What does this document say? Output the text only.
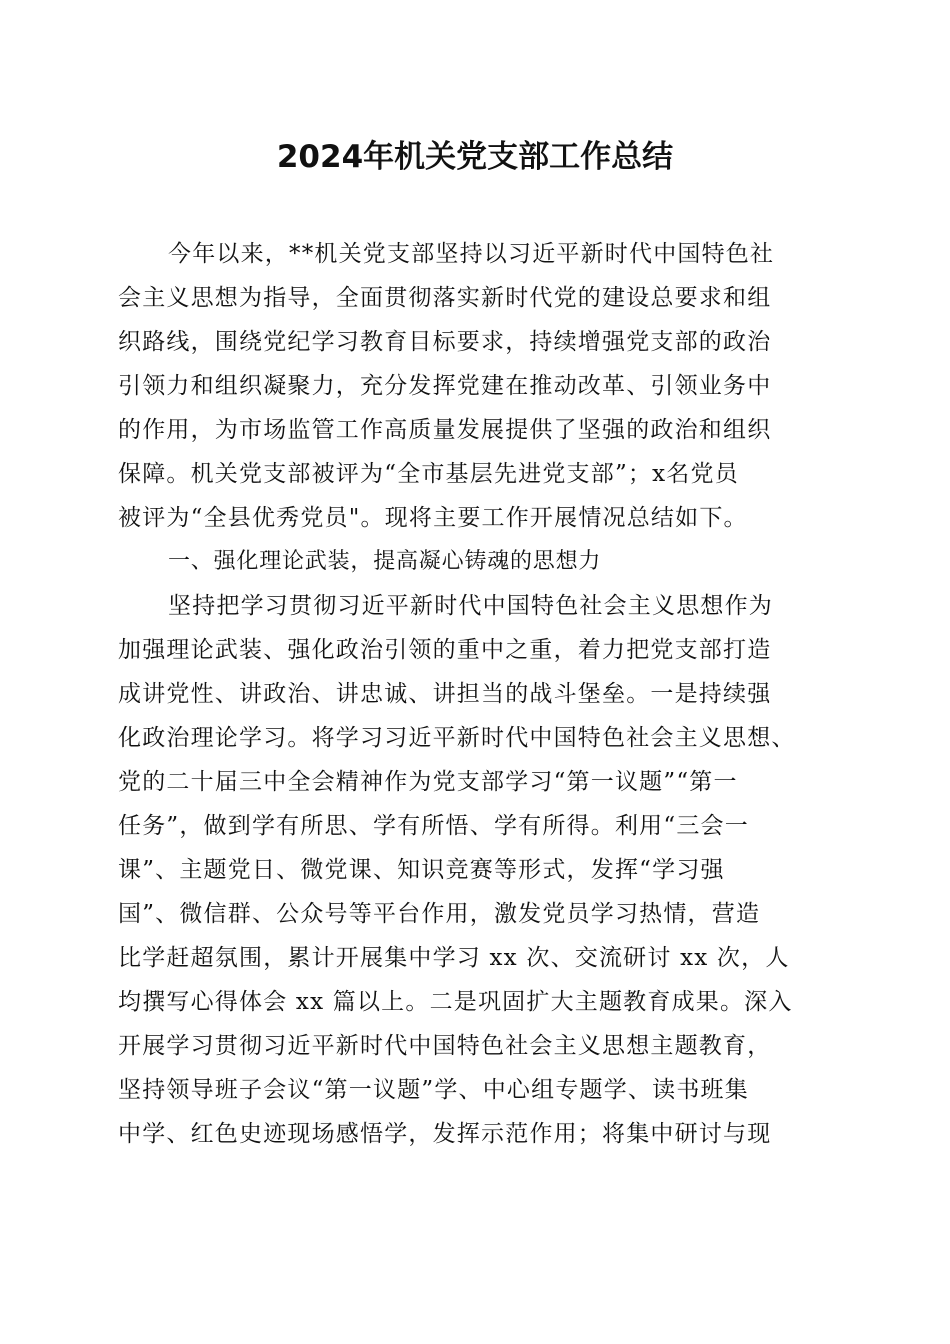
2024年机关党支部工作总结
今年以来，**机关党支部坚持以习近平新时代中国特色社
会主义思想为指导，全面贯彻落实新时代党的建设总要求和组
织路线，围绕党纪学习教育目标要求，持续增强党支部的政治
引领力和组织凝聚力，充分发挥党建在推动改革、引领业务中
的作用，为市场监管工作高质量发展提供了坚强的政治和组织
保障。机关党支部被评为“全市基层先进党支部”；x名党员
被评为“全县优秀党员"。现将主要工作开展情况总结如下。
一、强化理论武装，提高凝心铸魂的思想力
坚持把学习贯彻习近平新时代中国特色社会主义思想作为
加强理论武装、强化政治引领的重中之重，着力把党支部打造
成讲党性、讲政治、讲忠诚、讲担当的战斗堡垒。一是持续强
化政治理论学习。将学习习近平新时代中国特色社会主义思想、
党的二十届三中全会精神作为党支部学习“第一议题”“第一
任务”，做到学有所思、学有所悟、学有所得。利用“三会一
课”、主题党日、微党课、知识竞赛等形式，发挥“学习强
国”、微信群、公众号等平台作用，激发党员学习热情，营造
比学赶超氛围，累计开展集中学习 xx 次、交流研讨 xx 次，人
均撰写心得体会 xx 篇以上。二是巩固扩大主题教育成果。深入
开展学习贯彻习近平新时代中国特色社会主义思想主题教育，
坚持领导班子会议“第一议题”学、中心组专题学、读书班集
中学、红色史迹现场感悟学，发挥示范作用；将集中研讨与现
